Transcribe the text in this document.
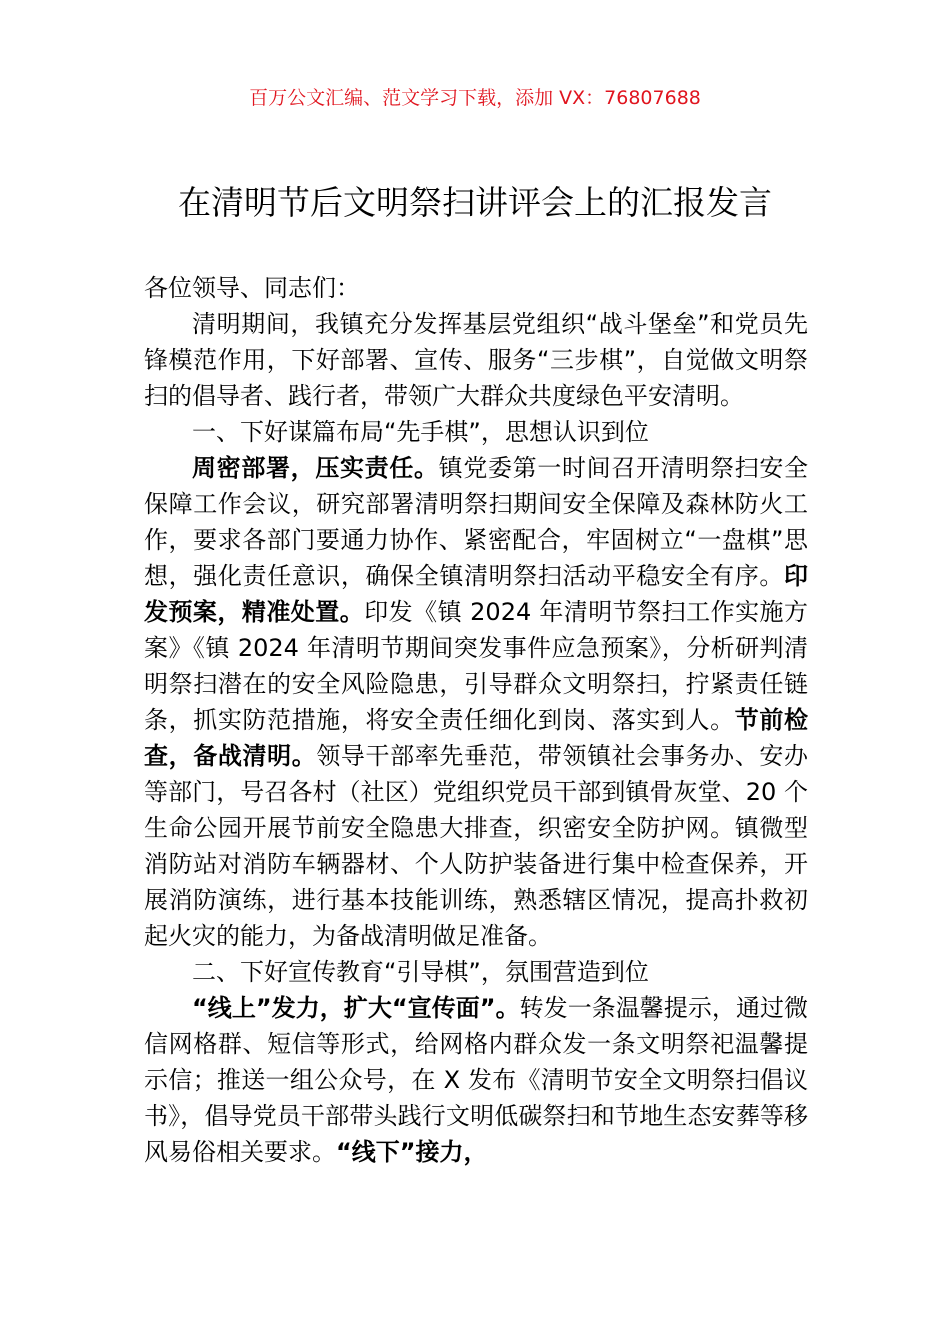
百万公文汇编、范文学习下载，添加 VX：76807688
在清明节后文明祭扫讲评会上的汇报发言

各位领导、同志们：

清明期间，我镇充分发挥基层党组织“战斗堡垒”和党员先锋模范作用，下好部署、宣传、服务“三步棋”，自觉做文明祭扫的倡导者、践行者，带领广大群众共度绿色平安清明。

一、下好谋篇布局“先手棋”，思想认识到位

周密部署，压实责任。镇党委第一时间召开清明祭扫安全保障工作会议，研究部署清明祭扫期间安全保障及森林防火工作，要求各部门要通力协作、紧密配合，牢固树立“一盘棋”思想，强化责任意识，确保全镇清明祭扫活动平稳安全有序。印发预案，精准处置。印发《镇 2024 年清明节祭扫工作实施方案》《镇 2024 年清明节期间突发事件应急预案》，分析研判清明祭扫潜在的安全风险隐患，引导群众文明祭扫，拧紧责任链条，抓实防范措施，将安全责任细化到岗、落实到人。节前检查，备战清明。领导干部率先垂范，带领镇社会事务办、安办等部门，号召各村（社区）党组织党员干部到镇骨灰堂、20 个生命公园开展节前安全隐患大排查，织密安全防护网。镇微型消防站对消防车辆器材、个人防护装备进行集中检查保养，开展消防演练，进行基本技能训练，熟悉辖区情况，提高扑救初起火灾的能力，为备战清明做足准备。

二、下好宣传教育“引导棋”，氛围营造到位

“线上”发力，扩大“宣传面”。转发一条温馨提示，通过微信网格群、短信等形式，给网格内群众发一条文明祭祀温馨提示信；推送一组公众号，在 X 发布《清明节安全文明祭扫倡议书》，倡导党员干部带头践行文明低碳祭扫和节地生态安葬等移风易俗相关要求。“线下”接力，
